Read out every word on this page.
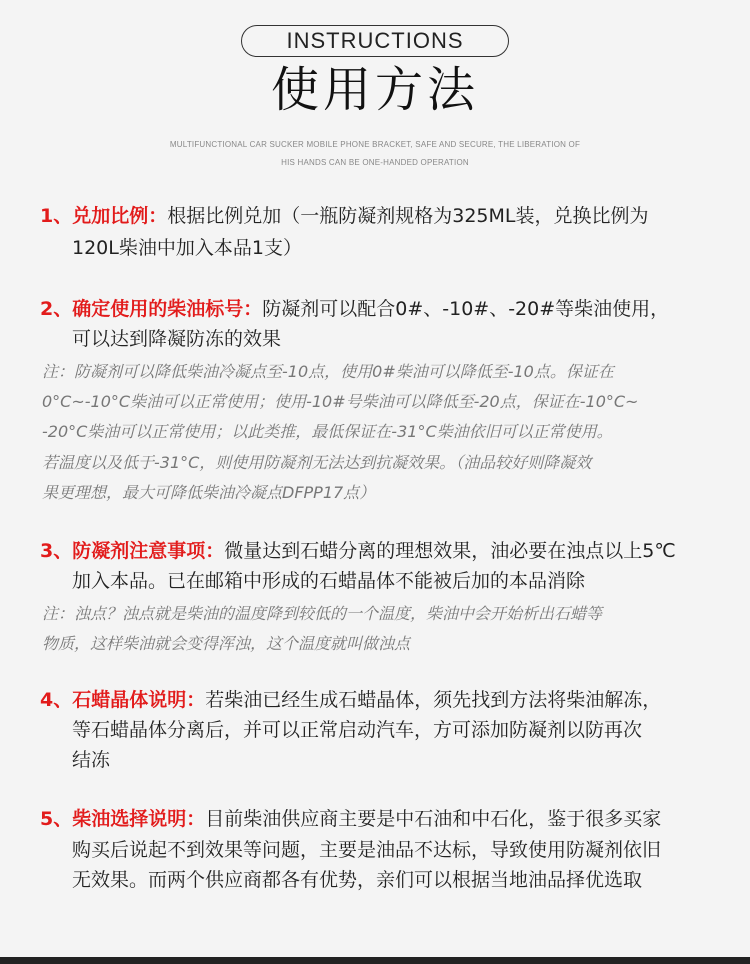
INSTRUCTIONS
使用方法
MULTIFUNCTIONAL CAR SUCKER MOBILE PHONE BRACKET, SAFE AND SECURE, THE LIBERATION OF
HIS HANDS CAN BE ONE-HANDED OPERATION
1、兑加比例：根据比例兑加（一瓶防凝剂规格为325ML装，兑换比例为
120L柴油中加入本品1支）
2、确定使用的柴油标号：防凝剂可以配合0#、-10#、-20#等柴油使用，
可以达到降凝防冻的效果
注：防凝剂可以降低柴油冷凝点至-10点，使用0#柴油可以降低至-10点。保证在
0°C~-10°C柴油可以正常使用；使用-10#号柴油可以降低至-20点，保证在-10°C~
-20°C柴油可以正常使用；以此类推，最低保证在-31°C柴油依旧可以正常使用。
若温度以及低于-31°C，则使用防凝剂无法达到抗凝效果。（油品较好则降凝效
果更理想，最大可降低柴油冷凝点DFPP17点）
3、防凝剂注意事项：微量达到石蜡分离的理想效果，油必要在浊点以上5℃
加入本品。已在邮箱中形成的石蜡晶体不能被后加的本品消除
注：浊点？浊点就是柴油的温度降到较低的一个温度，柴油中会开始析出石蜡等
物质，这样柴油就会变得浑浊，这个温度就叫做浊点
4、石蜡晶体说明：若柴油已经生成石蜡晶体，须先找到方法将柴油解冻，
等石蜡晶体分离后，并可以正常启动汽车，方可添加防凝剂以防再次
结冻
5、柴油选择说明：目前柴油供应商主要是中石油和中石化，鉴于很多买家
购买后说起不到效果等问题，主要是油品不达标，导致使用防凝剂依旧
无效果。而两个供应商都各有优势，亲们可以根据当地油品择优选取
